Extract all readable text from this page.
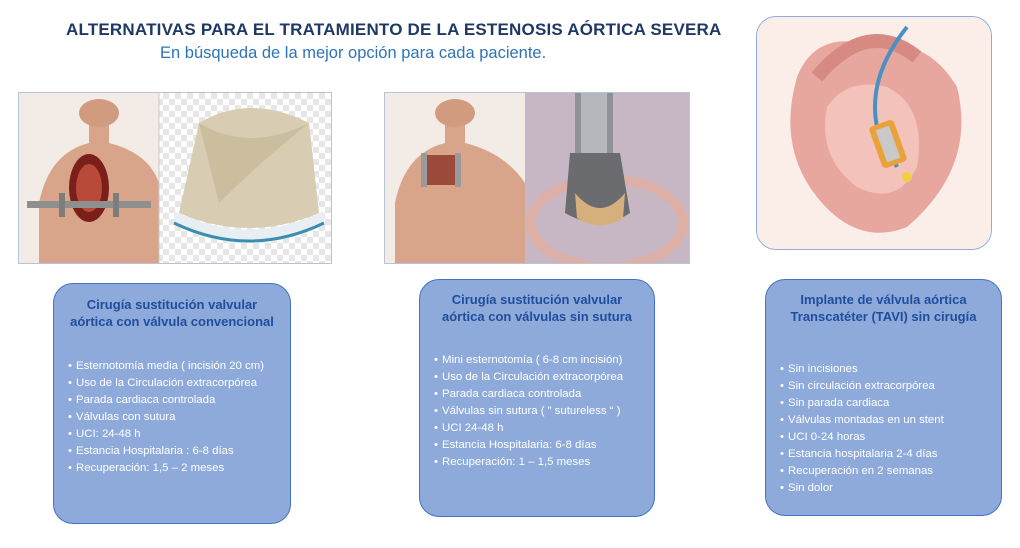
ALTERNATIVAS PARA EL TRATAMIENTO DE LA ESTENOSIS AÓRTICA SEVERA
En búsqueda de la mejor opción para cada paciente.
Cirugía sustitución valvular
aórtica con válvula convencional
• Esternotomía media ( incisión 20 cm)
• Uso de la Circulación extracorpórea
• Parada cardiaca controlada
• Válvulas con sutura
• UCI: 24-48 h
• Estancia Hospitalaria : 6-8 días
• Recuperación: 1,5 – 2 meses
Cirugía sustitución valvular
aórtica con válvulas sin sutura
• Mini esternotomía ( 6-8 cm incisión)
• Uso de la Circulación extracorpórea
• Parada cardiaca controlada
• Válvulas sin sutura ( ” sutureless “ )
• UCI 24-48 h
• Estancia Hospitalaria: 6-8 días
• Recuperación: 1 – 1,5 meses
Implante de válvula aórtica
Transcatéter (TAVI) sin cirugía
• Sin incisiones
• Sin circulación extracorpórea
• Sin parada cardiaca
• Válvulas montadas en un stent
• UCI 0-24 horas
• Estancia hospitalaria 2-4 días
• Recuperación en 2 semanas
• Sin dolor
